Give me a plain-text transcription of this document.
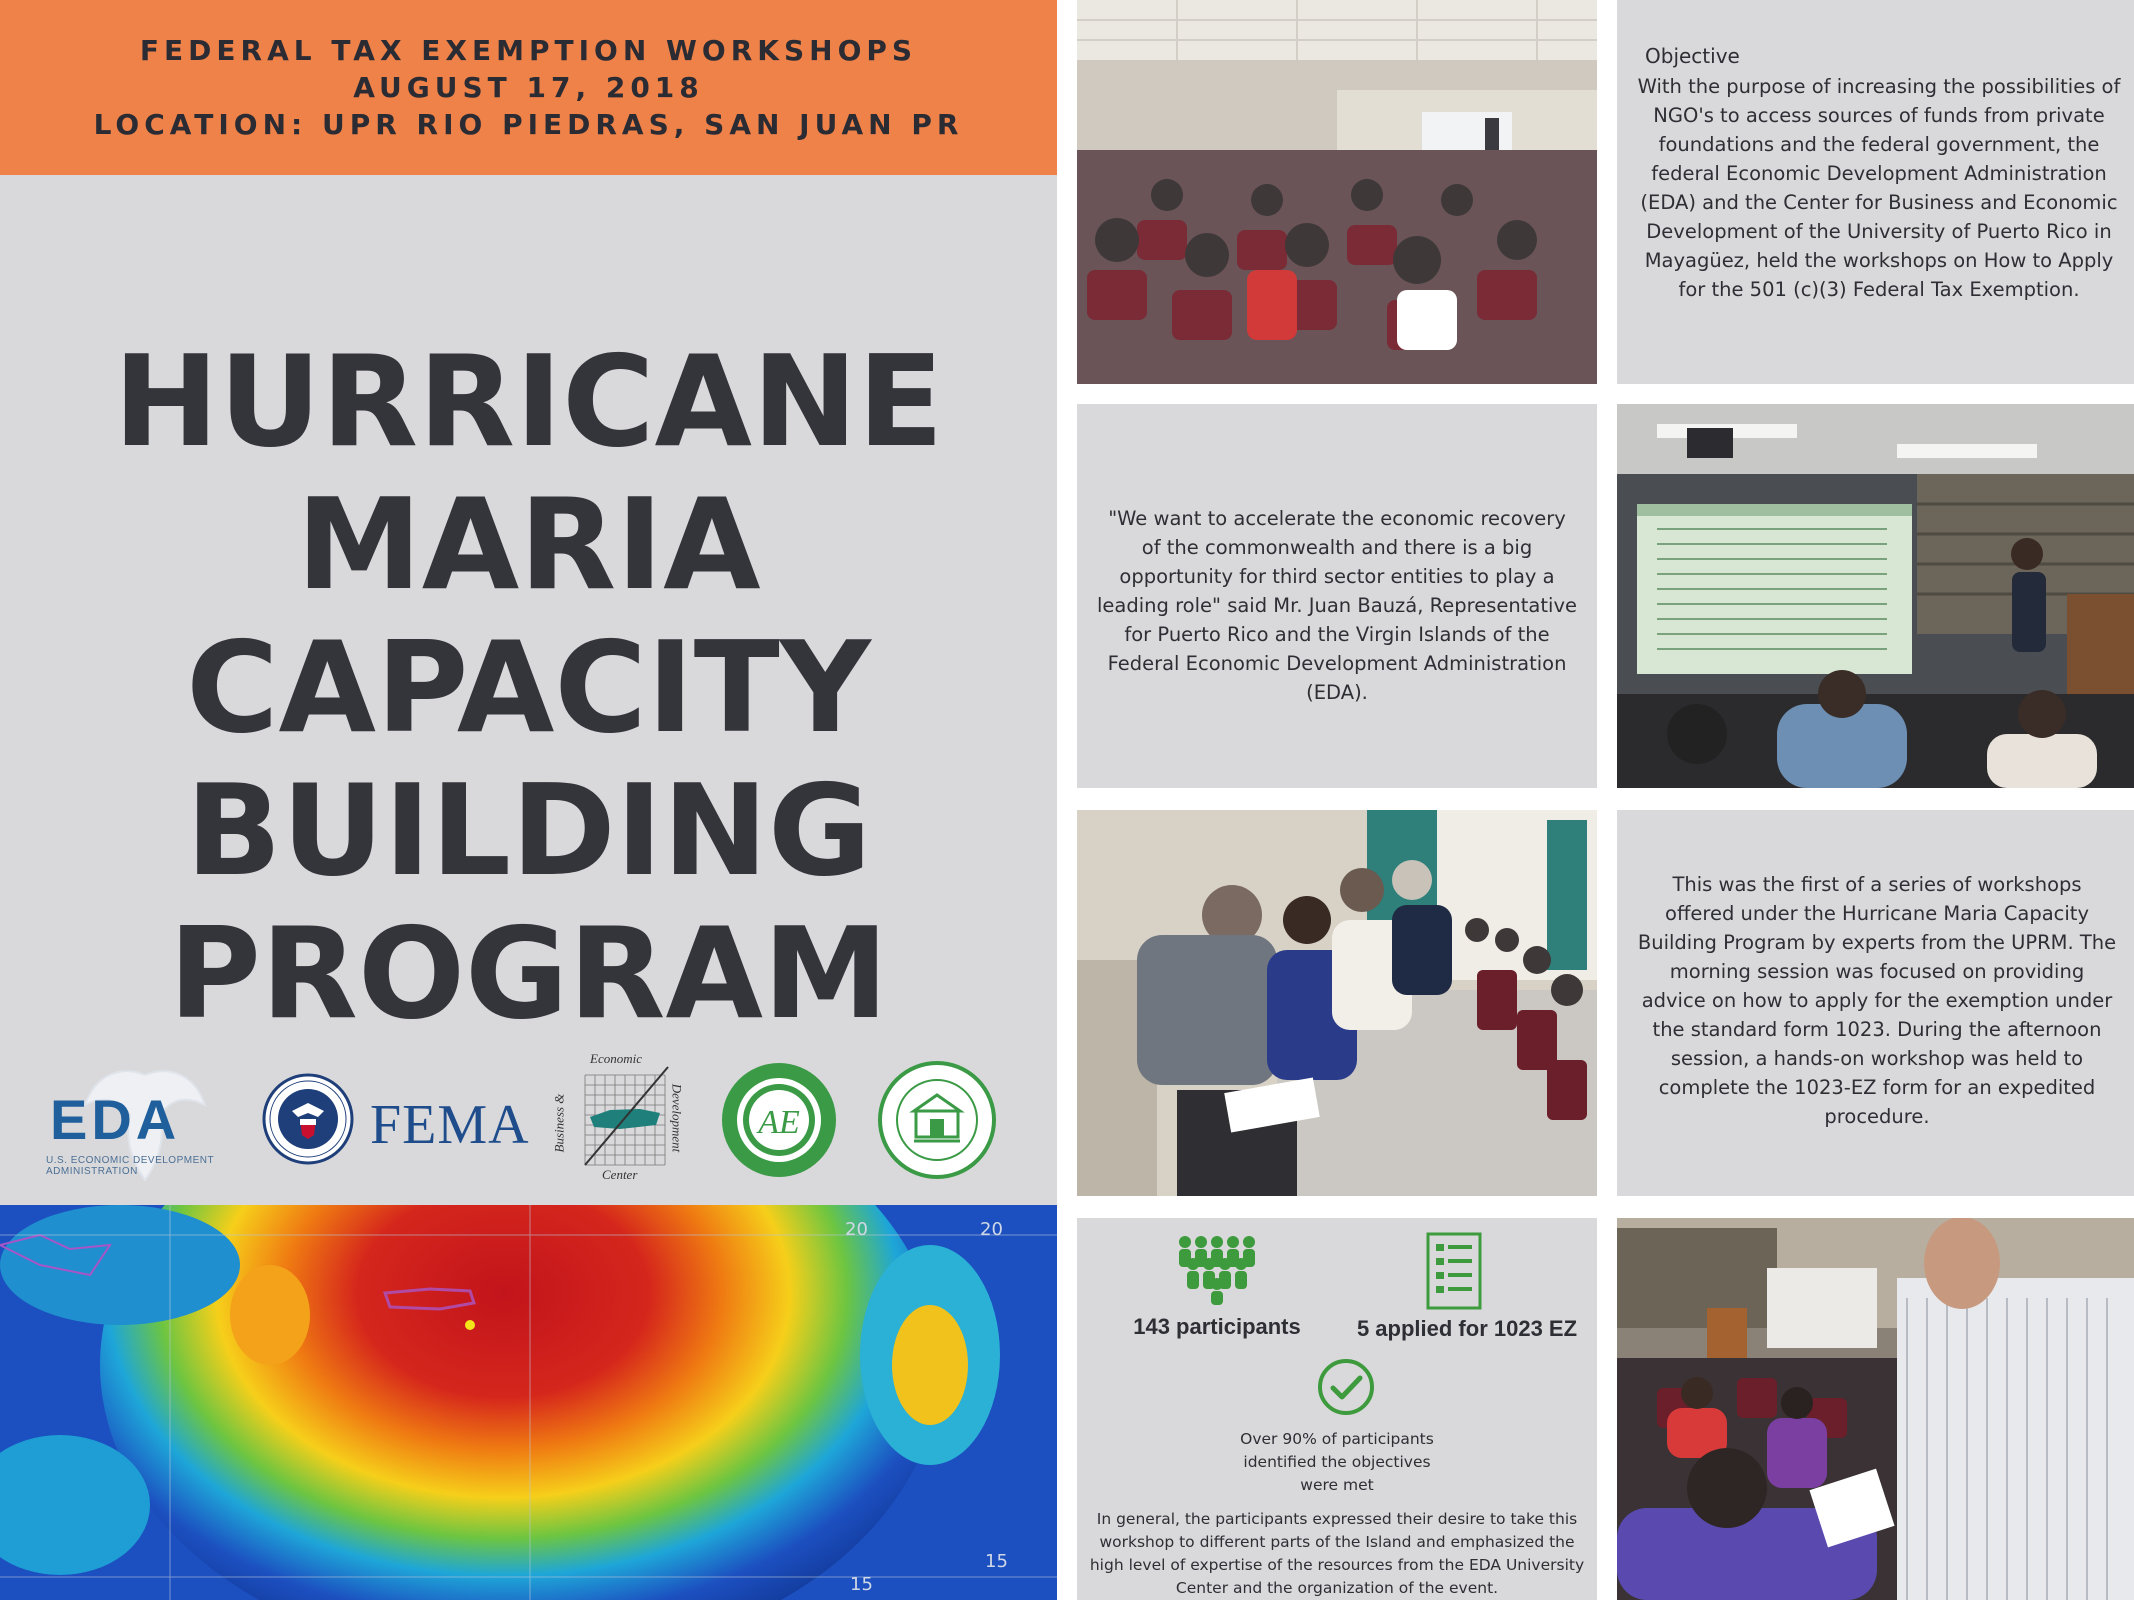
FEDERAL TAX EXEMPTION WORKSHOPS
AUGUST 17, 2018
LOCATION: UPR RIO PIEDRAS, SAN JUAN PR
HURRICANE
MARIA
CAPACITY
BUILDING
PROGRAM
EDA
U.S. ECONOMIC DEVELOPMENT ADMINISTRATION
FEMA
Economic
Business &	Development
Center
AE
20	20
15
15
Objective
With the purpose of increasing the possibilities of NGO's to access sources of funds from private foundations and the federal government, the federal Economic Development Administration (EDA) and the Center for Business and Economic Development of the University of Puerto Rico in Mayagüez, held the workshops on How to Apply for the 501 (c)(3) Federal Tax Exemption.
"We want to accelerate the economic recovery of the commonwealth and there is a big opportunity for third sector entities to play a leading role" said Mr. Juan Bauzá, Representative for Puerto Rico and the Virgin Islands of the Federal Economic Development Administration (EDA).
This was the first of a series of workshops offered under the Hurricane Maria Capacity Building Program by experts from the UPRM. The morning session was focused on providing advice on how to apply for the exemption under the standard form 1023. During the afternoon session, a hands-on workshop was held to complete the 1023-EZ form for an expedited procedure.
143 participants	5 applied for 1023 EZ
Over 90% of participants identified the objectives were met
In general, the participants expressed their desire to take this workshop to different parts of the Island and emphasized the high level of expertise of the resources from the EDA University Center and the organization of the event.
